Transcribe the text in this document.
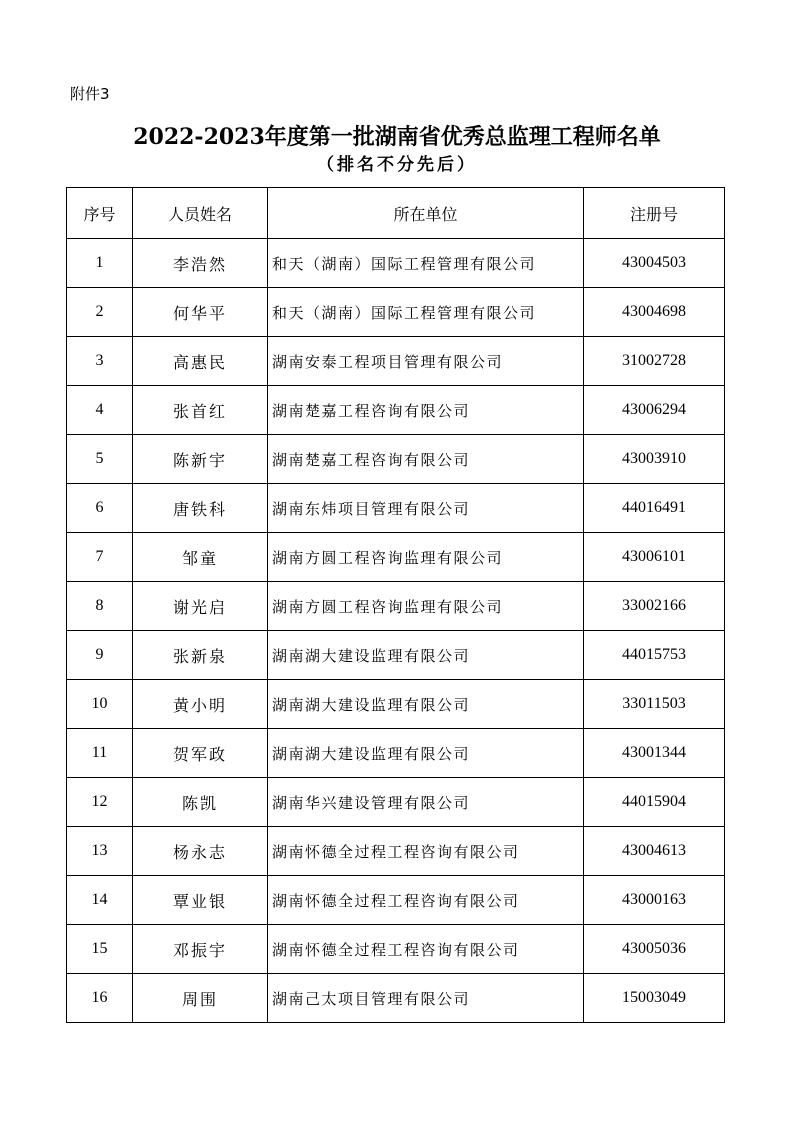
附件3
2022-2023年度第一批湖南省优秀总监理工程师名单
（排名不分先后）
序号	人员姓名	所在单位	注册号
1	李浩然	和天（湖南）国际工程管理有限公司	43004503
2	何华平	和天（湖南）国际工程管理有限公司	43004698
3	高惠民	湖南安泰工程项目管理有限公司	31002728
4	张首红	湖南楚嘉工程咨询有限公司	43006294
5	陈新宇	湖南楚嘉工程咨询有限公司	43003910
6	唐铁科	湖南东炜项目管理有限公司	44016491
7	邹童	湖南方圆工程咨询监理有限公司	43006101
8	谢光启	湖南方圆工程咨询监理有限公司	33002166
9	张新泉	湖南湖大建设监理有限公司	44015753
10	黄小明	湖南湖大建设监理有限公司	33011503
11	贺军政	湖南湖大建设监理有限公司	43001344
12	陈凯	湖南华兴建设管理有限公司	44015904
13	杨永志	湖南怀德全过程工程咨询有限公司	43004613
14	覃业银	湖南怀德全过程工程咨询有限公司	43000163
15	邓振宇	湖南怀德全过程工程咨询有限公司	43005036
16	周围	湖南己太项目管理有限公司	15003049
